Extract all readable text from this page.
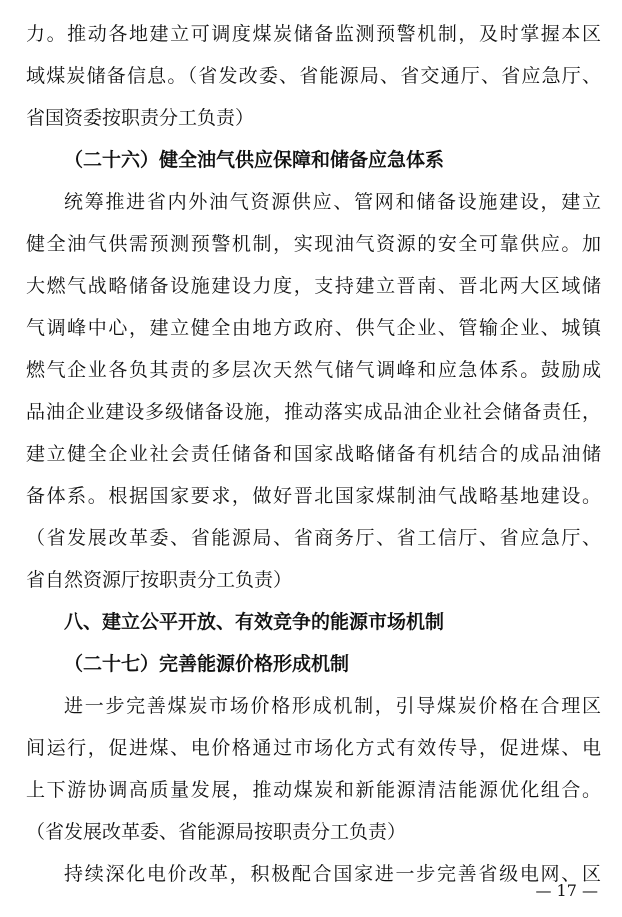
力。推动各地建立可调度煤炭储备监测预警机制，及时掌握本区
域煤炭储备信息。（省发改委、省能源局、省交通厅、省应急厅、
省国资委按职责分工负责）
（二十六）健全油气供应保障和储备应急体系
统筹推进省内外油气资源供应、管网和储备设施建设，建立
健全油气供需预测预警机制，实现油气资源的安全可靠供应。加
大燃气战略储备设施建设力度，支持建立晋南、晋北两大区域储
气调峰中心，建立健全由地方政府、供气企业、管输企业、城镇
燃气企业各负其责的多层次天然气储气调峰和应急体系。鼓励成
品油企业建设多级储备设施，推动落实成品油企业社会储备责任，
建立健全企业社会责任储备和国家战略储备有机结合的成品油储
备体系。根据国家要求，做好晋北国家煤制油气战略基地建设。
（省发展改革委、省能源局、省商务厅、省工信厅、省应急厅、
省自然资源厅按职责分工负责）
八、建立公平开放、有效竞争的能源市场机制
（二十七）完善能源价格形成机制
进一步完善煤炭市场价格形成机制，引导煤炭价格在合理区
间运行，促进煤、电价格通过市场化方式有效传导，促进煤、电
上下游协调高质量发展，推动煤炭和新能源清洁能源优化组合。
（省发展改革委、省能源局按职责分工负责）
持续深化电价改革，积极配合国家进一步完善省级电网、区
— 17 —
